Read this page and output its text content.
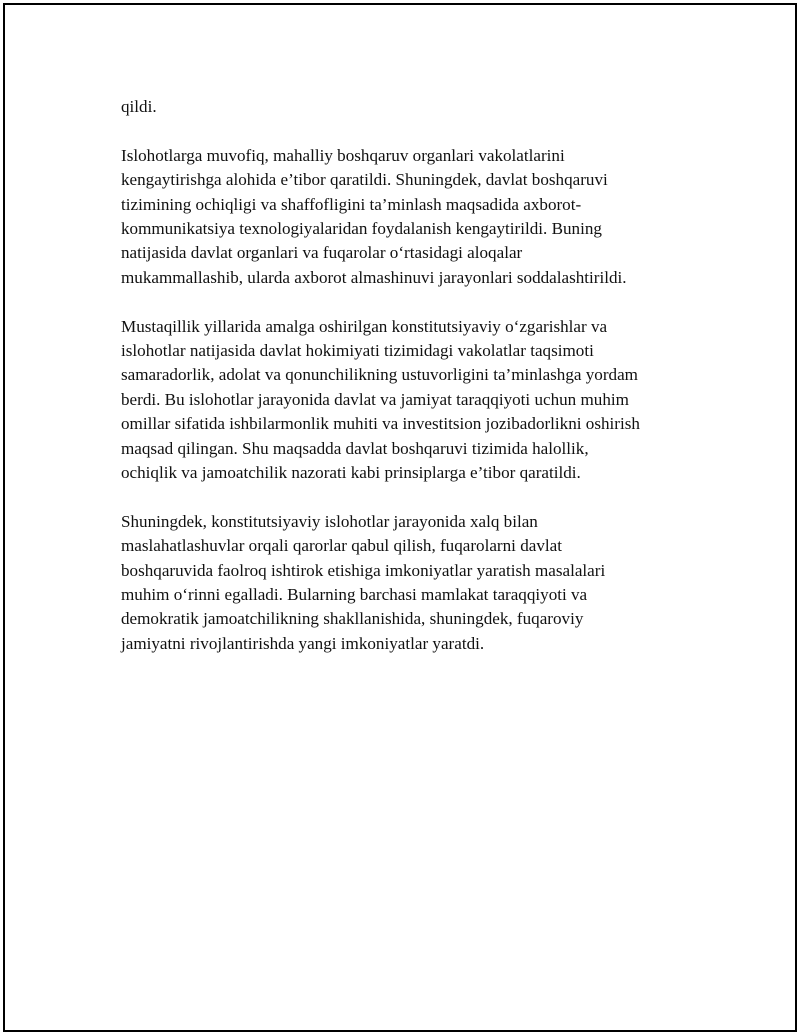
qildi.

Islohotlarga muvofiq, mahalliy boshqaruv organlari vakolatlarini
kengaytirishga alohida e’tibor qaratildi. Shuningdek, davlat boshqaruvi
tizimining ochiqligi va shaffofligini ta’minlash maqsadida axborot-
kommunikatsiya texnologiyalaridan foydalanish kengaytirildi. Buning
natijasida davlat organlari va fuqarolar o‘rtasidagi aloqalar
mukammallashib, ularda axborot almashinuvi jarayonlari soddalashtirildi.

Mustaqillik yillarida amalga oshirilgan konstitutsiyaviy o‘zgarishlar va
islohotlar natijasida davlat hokimiyati tizimidagi vakolatlar taqsimoti
samaradorlik, adolat va qonunchilikning ustuvorligini ta’minlashga yordam
berdi. Bu islohotlar jarayonida davlat va jamiyat taraqqiyoti uchun muhim
omillar sifatida ishbilarmonlik muhiti va investitsion jozibadorlikni oshirish
maqsad qilingan. Shu maqsadda davlat boshqaruvi tizimida halollik,
ochiqlik va jamoatchilik nazorati kabi prinsiplarga e’tibor qaratildi.

Shuningdek, konstitutsiyaviy islohotlar jarayonida xalq bilan
maslahatlashuvlar orqali qarorlar qabul qilish, fuqarolarni davlat
boshqaruvida faolroq ishtirok etishiga imkoniyatlar yaratish masalalari
muhim o‘rinni egalladi. Bularning barchasi mamlakat taraqqiyoti va
demokratik jamoatchilikning shakllanishida, shuningdek, fuqaroviy
jamiyatni rivojlantirishda yangi imkoniyatlar yaratdi.
